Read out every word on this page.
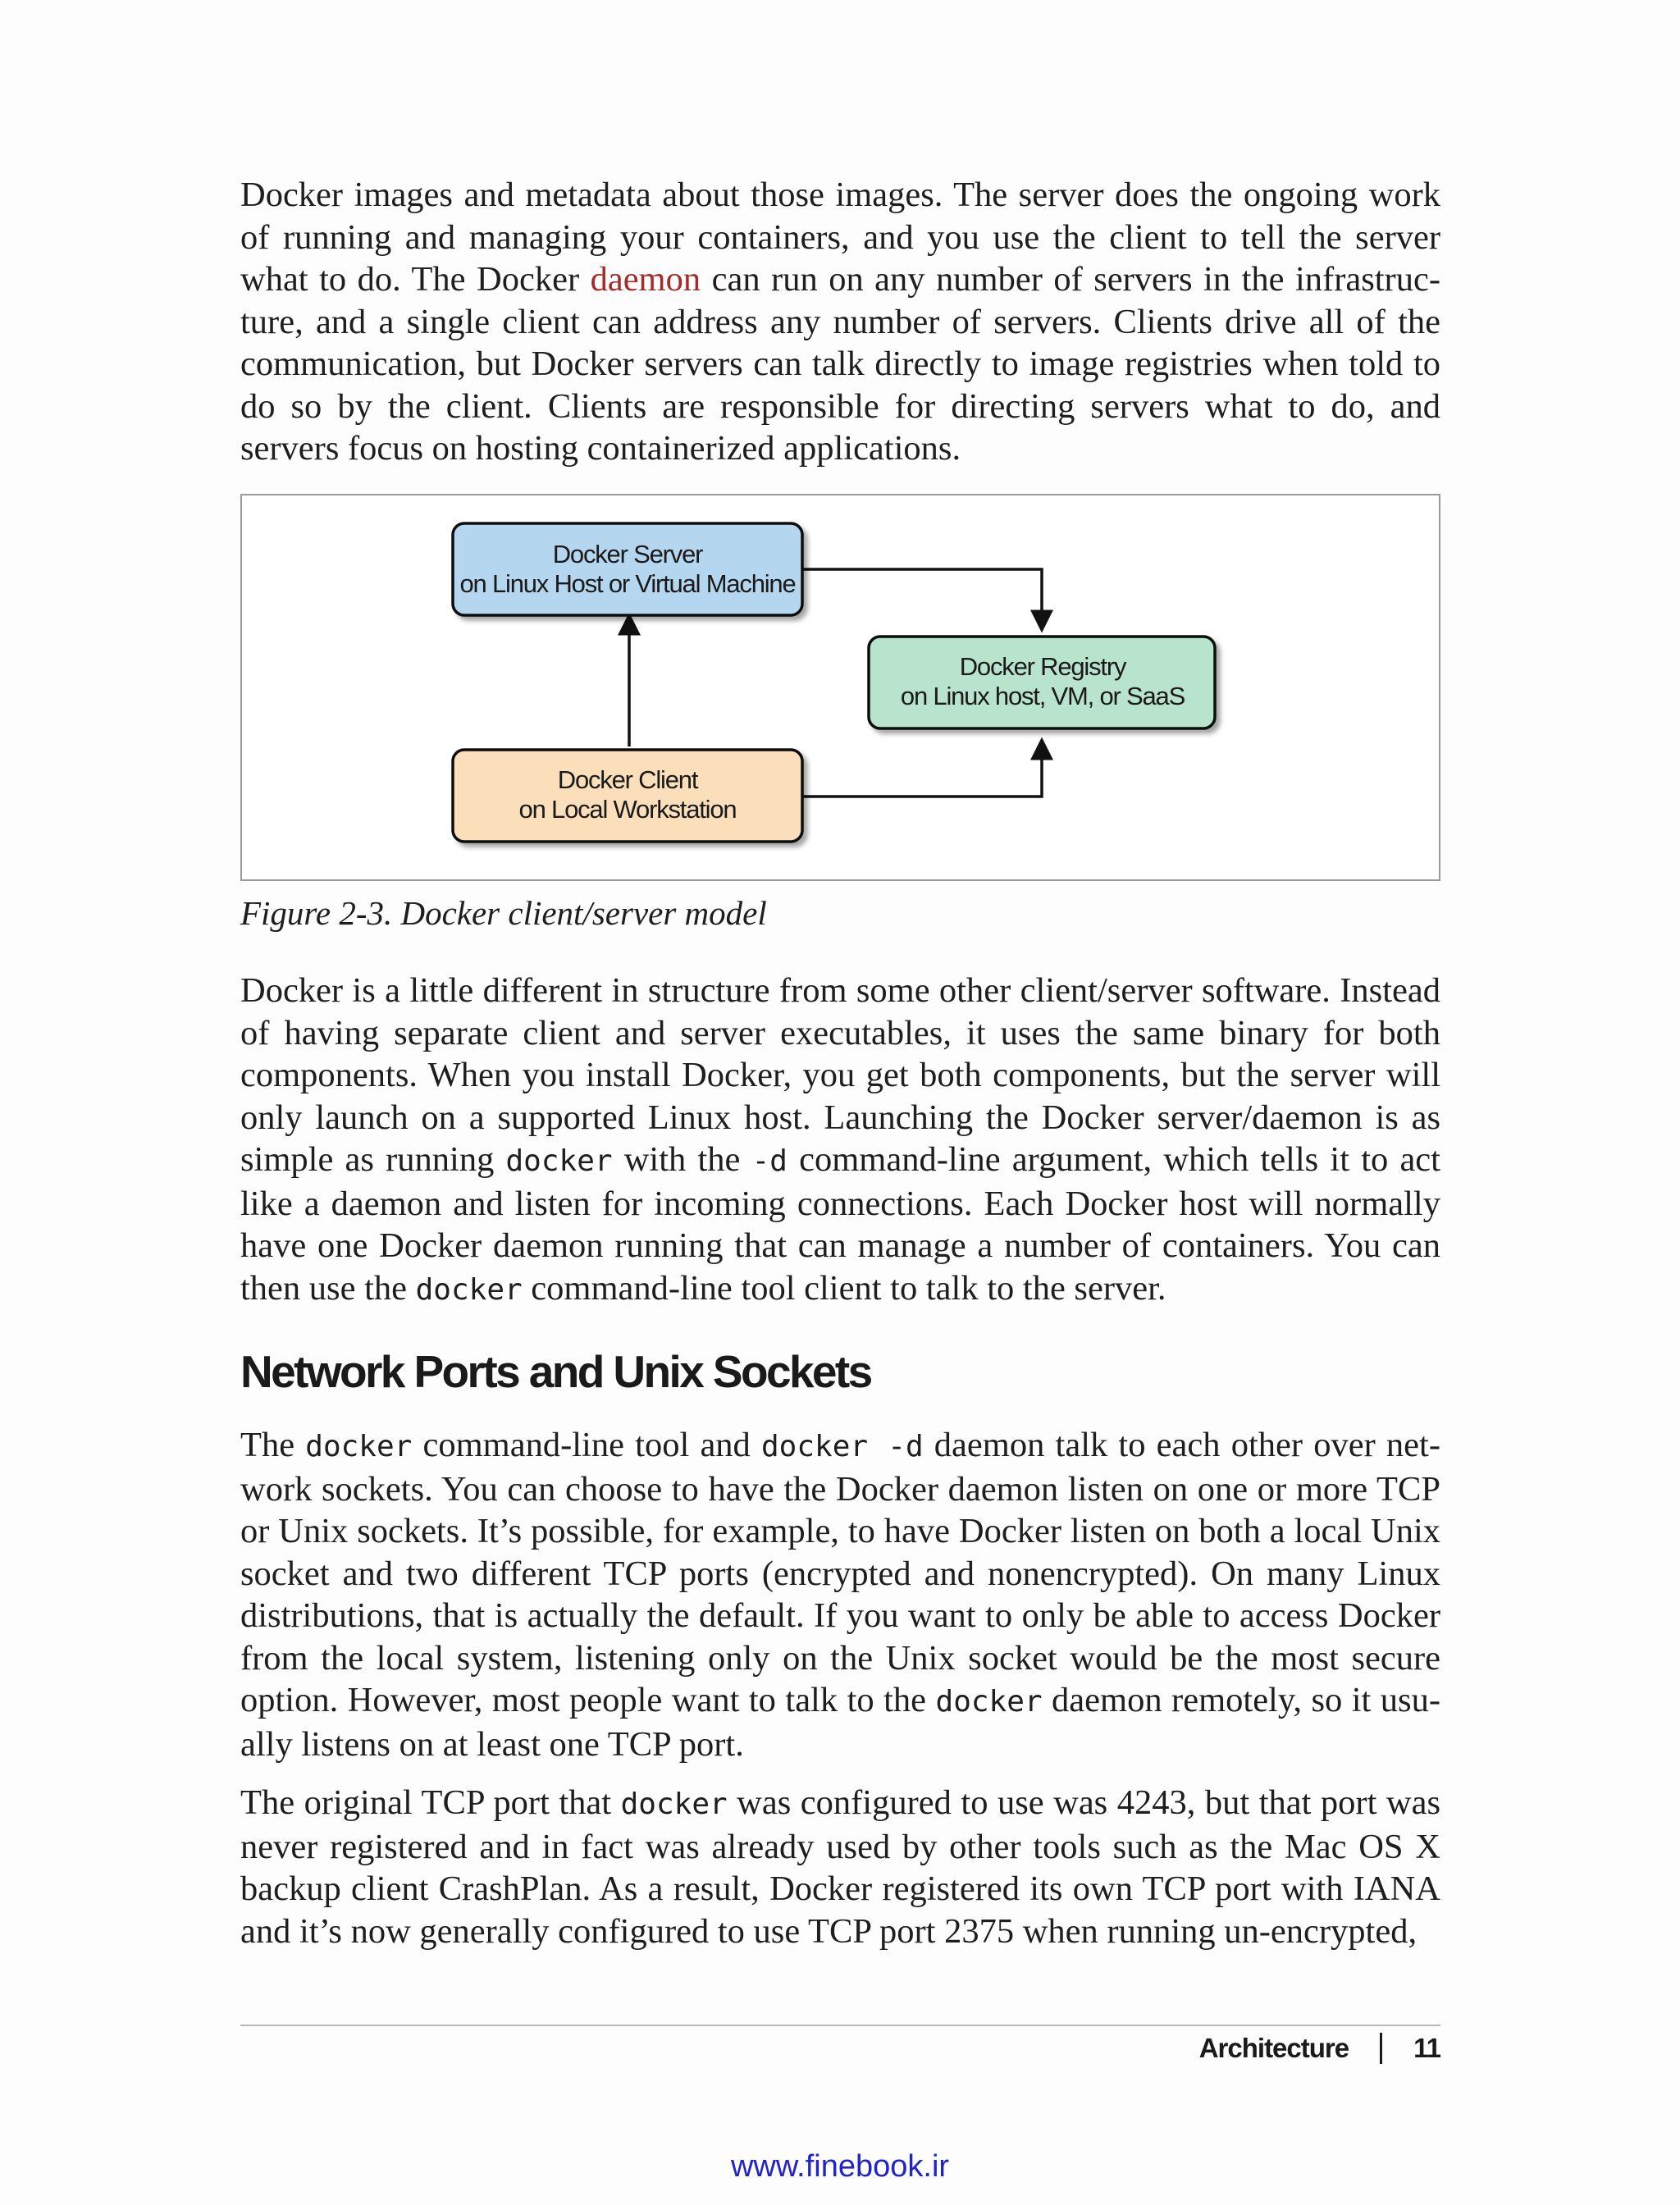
Docker images and metadata about those images. The server does the ongoing work of running and managing your containers, and you use the client to tell the server what to do. The Docker daemon can run on any number of servers in the infrastructure, and a single client can address any number of servers. Clients drive all of the communication, but Docker servers can talk directly to image registries when told to do so by the client. Clients are responsible for directing servers what to do, and servers focus on hosting containerized applications.

Docker Server
on Linux Host or Virtual Machine
Docker Registry
on Linux host, VM, or SaaS
Docker Client
on Local Workstation

Figure 2-3. Docker client/server model

Docker is a little different in structure from some other client/server software. Instead of having separate client and server executables, it uses the same binary for both components. When you install Docker, you get both components, but the server will only launch on a supported Linux host. Launching the Docker server/daemon is as simple as running docker with the -d command-line argument, which tells it to act like a daemon and listen for incoming connections. Each Docker host will normally have one Docker daemon running that can manage a number of containers. You can then use the docker command-line tool client to talk to the server.

Network Ports and Unix Sockets

The docker command-line tool and docker -d daemon talk to each other over network sockets. You can choose to have the Docker daemon listen on one or more TCP or Unix sockets. It’s possible, for example, to have Docker listen on both a local Unix socket and two different TCP ports (encrypted and nonencrypted). On many Linux distributions, that is actually the default. If you want to only be able to access Docker from the local system, listening only on the Unix socket would be the most secure option. However, most people want to talk to the docker daemon remotely, so it usually listens on at least one TCP port.

The original TCP port that docker was configured to use was 4243, but that port was never registered and in fact was already used by other tools such as the Mac OS X backup client CrashPlan. As a result, Docker registered its own TCP port with IANA and it’s now generally configured to use TCP port 2375 when running un-encrypted,

Architecture 11
www.finebook.ir
